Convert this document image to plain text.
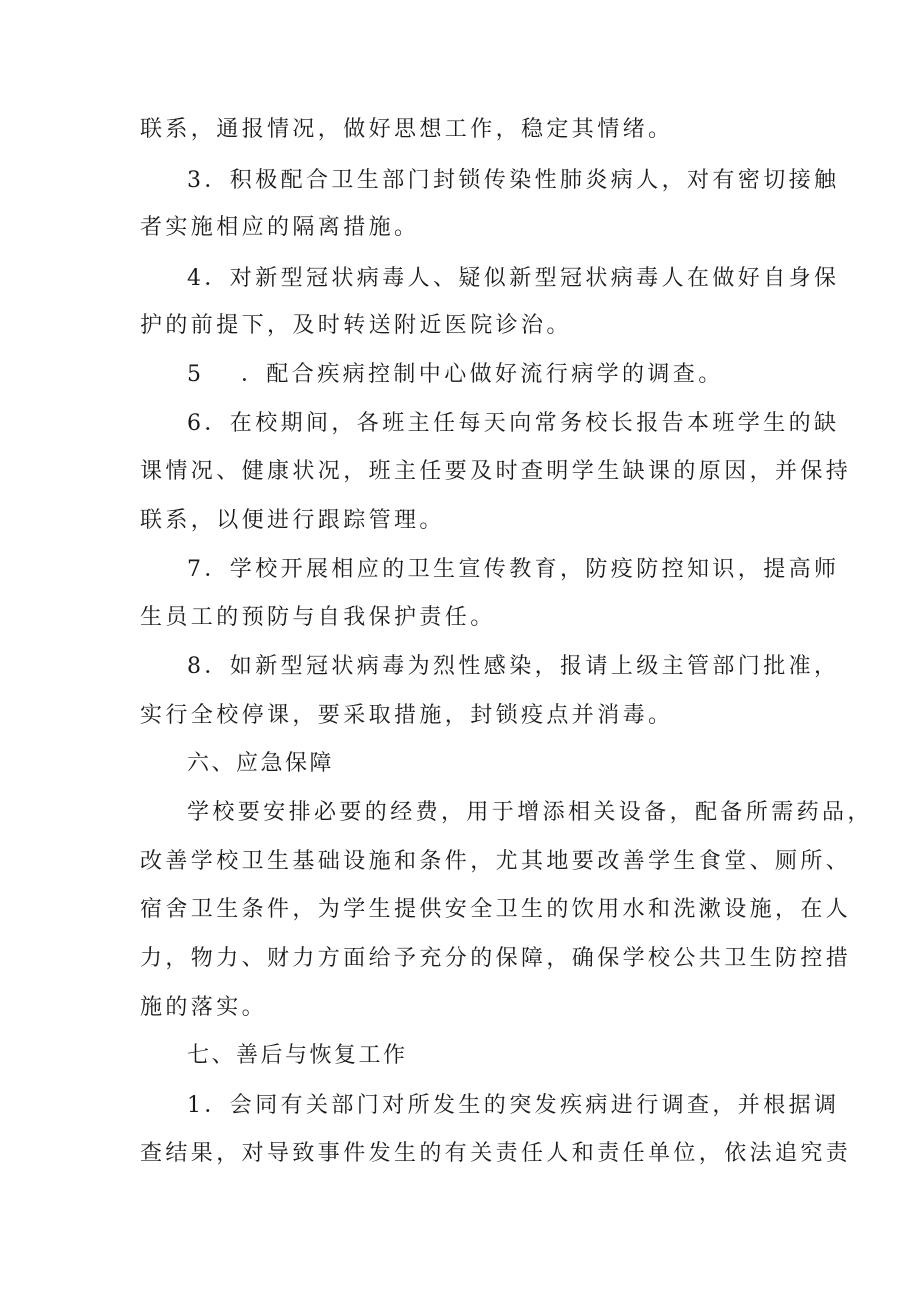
联系，通报情况，做好思想工作，稳定其情绪。
3．积极配合卫生部门封锁传染性肺炎病人，对有密切接触
者实施相应的隔离措施。
4．对新型冠状病毒人、疑似新型冠状病毒人在做好自身保
护的前提下，及时转送附近医院诊治。
5 ．配合疾病控制中心做好流行病学的调查。
6．在校期间，各班主任每天向常务校长报告本班学生的缺
课情况、健康状况，班主任要及时查明学生缺课的原因，并保持
联系，以便进行跟踪管理。
7．学校开展相应的卫生宣传教育，防疫防控知识，提高师
生员工的预防与自我保护责任。
8．如新型冠状病毒为烈性感染，报请上级主管部门批准，
实行全校停课，要采取措施，封锁疫点并消毒。
六、应急保障
学校要安排必要的经费，用于增添相关设备，配备所需药品，
改善学校卫生基础设施和条件，尤其地要改善学生食堂、厕所、
宿舍卫生条件，为学生提供安全卫生的饮用水和洗漱设施，在人
力，物力、财力方面给予充分的保障，确保学校公共卫生防控措
施的落实。
七、善后与恢复工作
1．会同有关部门对所发生的突发疾病进行调查，并根据调
查结果，对导致事件发生的有关责任人和责任单位，依法追究责
